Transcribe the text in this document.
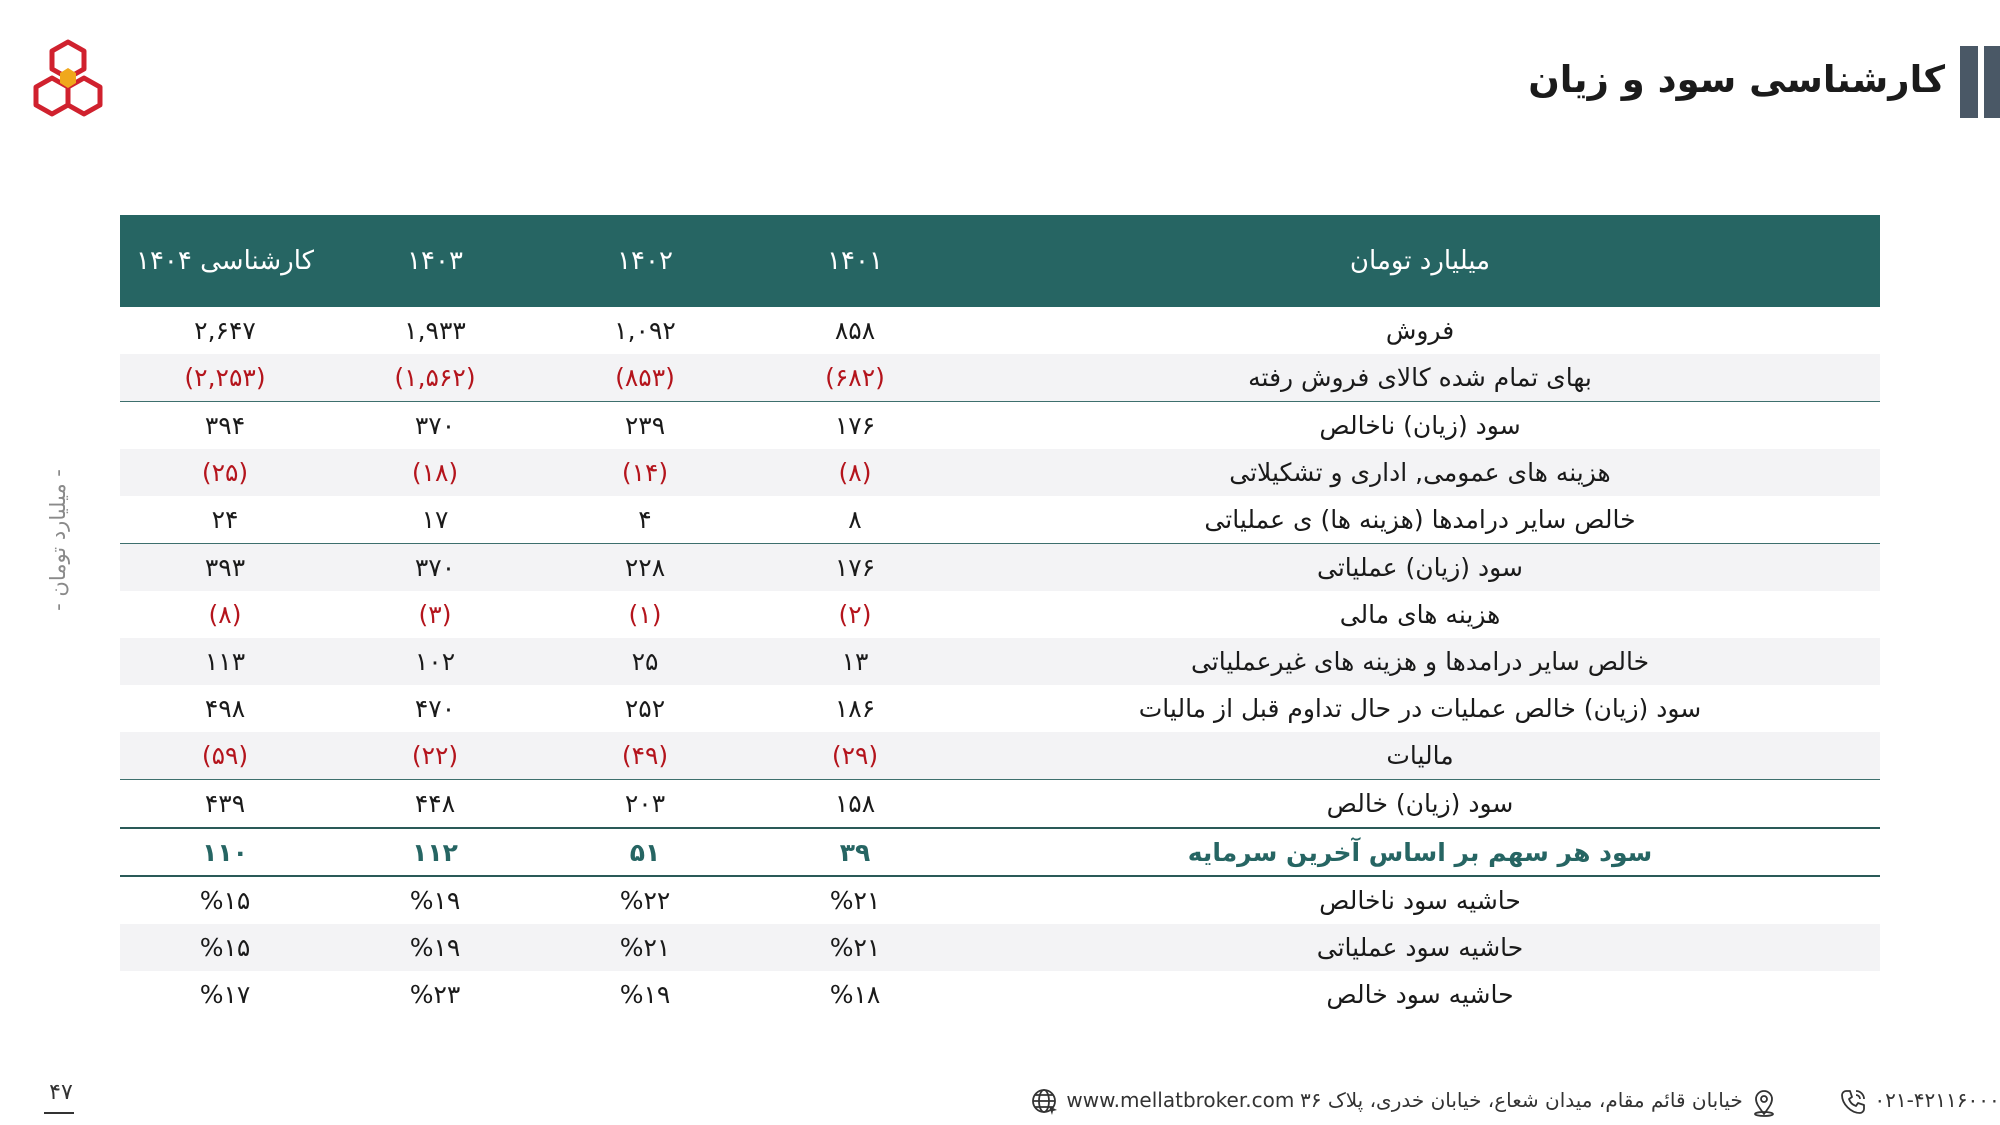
کارشناسی سود و زیان
- میلیارد تومان -
کارشناسی ۱۴۰۴	۱۴۰۳	۱۴۰۲	۱۴۰۱	میلیارد تومان
۲,۶۴۷	۱,۹۳۳	۱,۰۹۲	۸۵۸	فروش
(۲,۲۵۳)	(۱,۵۶۲)	(۸۵۳)	(۶۸۲)	بهای تمام شده کالای فروش رفته
۳۹۴	۳۷۰	۲۳۹	۱۷۶	سود (زیان) ناخالص
(۲۵)	(۱۸)	(۱۴)	(۸)	هزینه های عمومی, اداری و تشکیلاتی
۲۴	۱۷	۴	۸	خالص سایر درامدها (هزینه ها) ی عملیاتی
۳۹۳	۳۷۰	۲۲۸	۱۷۶	سود (زیان) عملیاتی
(۸)	(۳)	(۱)	(۲)	هزینه های مالی
۱۱۳	۱۰۲	۲۵	۱۳	خالص سایر درامدها و هزینه های غیرعملیاتی
۴۹۸	۴۷۰	۲۵۲	۱۸۶	سود (زیان) خالص عملیات در حال تداوم قبل از مالیات
(۵۹)	(۲۲)	(۴۹)	(۲۹)	مالیات
۴۳۹	۴۴۸	۲۰۳	۱۵۸	سود (زیان) خالص
۱۱۰	۱۱۲	۵۱	۳۹	سود هر سهم بر اساس آخرین سرمایه
%۱۵	%۱۹	%۲۲	%۲۱	حاشیه سود ناخالص
%۱۵	%۱۹	%۲۱	%۲۱	حاشیه سود عملیاتی
%۱۷	%۲۳	%۱۹	%۱۸	حاشیه سود خالص
۴۷	www.mellatbroker.com خیابان قائم مقام، میدان شعاع، خیابان خدری، پلاک ۳۶	۰۲۱-۴۲۱۱۶۰۰۰
